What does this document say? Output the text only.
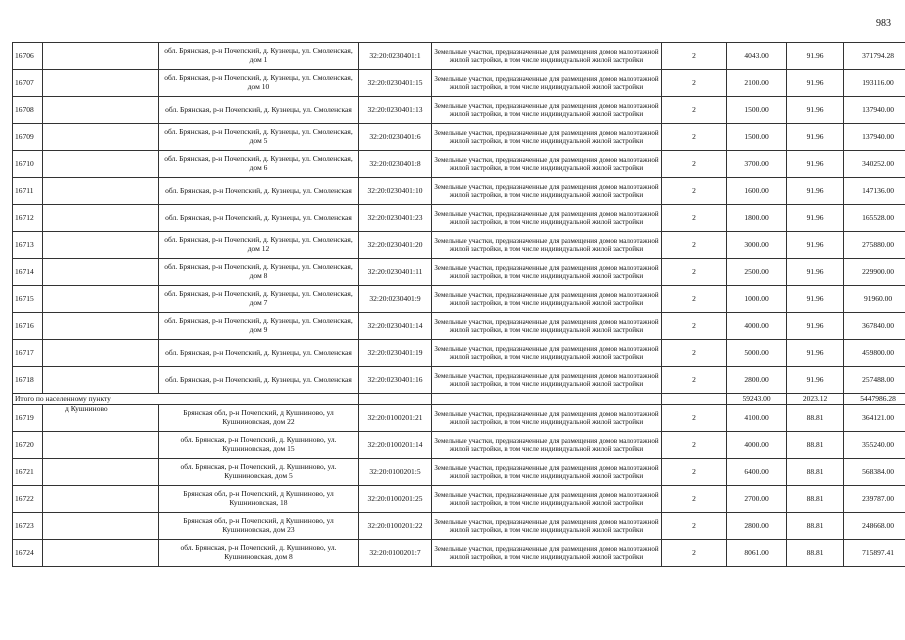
983
16706		обл. Брянская, р-н Почепский, д. Кузнецы, ул. Смоленская, дом 1	32:20:0230401:1	Земельные участки, предназначенные для размещения домов малоэтажной жилой застройки, в том числе индивидуальной жилой застройки	2	4043.00	91.96	371794.28
16707		обл. Брянская, р-н Почепский, д. Кузнецы, ул. Смоленская, дом 10	32:20:0230401:15	Земельные участки, предназначенные для размещения домов малоэтажной жилой застройки, в том числе индивидуальной жилой застройки	2	2100.00	91.96	193116.00
16708		обл. Брянская, р-н Почепский, д. Кузнецы, ул. Смоленская	32:20:0230401:13	Земельные участки, предназначенные для размещения домов малоэтажной жилой застройки, в том числе индивидуальной жилой застройки	2	1500.00	91.96	137940.00
16709		обл. Брянская, р-н Почепский, д. Кузнецы, ул. Смоленская, дом 5	32:20:0230401:6	Земельные участки, предназначенные для размещения домов малоэтажной жилой застройки, в том числе индивидуальной жилой застройки	2	1500.00	91.96	137940.00
16710		обл. Брянская, р-н Почепский, д. Кузнецы, ул. Смоленская, дом 6	32:20:0230401:8	Земельные участки, предназначенные для размещения домов малоэтажной жилой застройки, в том числе индивидуальной жилой застройки	2	3700.00	91.96	340252.00
16711		обл. Брянская, р-н Почепский, д. Кузнецы, ул. Смоленская	32:20:0230401:10	Земельные участки, предназначенные для размещения домов малоэтажной жилой застройки, в том числе индивидуальной жилой застройки	2	1600.00	91.96	147136.00
16712		обл. Брянская, р-н Почепский, д. Кузнецы, ул. Смоленская	32:20:0230401:23	Земельные участки, предназначенные для размещения домов малоэтажной жилой застройки, в том числе индивидуальной жилой застройки	2	1800.00	91.96	165528.00
16713		обл. Брянская, р-н Почепский, д. Кузнецы, ул. Смоленская, дом 12	32:20:0230401:20	Земельные участки, предназначенные для размещения домов малоэтажной жилой застройки, в том числе индивидуальной жилой застройки	2	3000.00	91.96	275880.00
16714		обл. Брянская, р-н Почепский, д. Кузнецы, ул. Смоленская, дом 8	32:20:0230401:11	Земельные участки, предназначенные для размещения домов малоэтажной жилой застройки, в том числе индивидуальной жилой застройки	2	2500.00	91.96	229900.00
16715		обл. Брянская, р-н Почепский, д. Кузнецы, ул. Смоленская, дом 7	32:20:0230401:9	Земельные участки, предназначенные для размещения домов малоэтажной жилой застройки, в том числе индивидуальной жилой застройки	2	1000.00	91.96	91960.00
16716		обл. Брянская, р-н Почепский, д. Кузнецы, ул. Смоленская, дом 9	32:20:0230401:14	Земельные участки, предназначенные для размещения домов малоэтажной жилой застройки, в том числе индивидуальной жилой застройки	2	4000.00	91.96	367840.00
16717		обл. Брянская, р-н Почепский, д. Кузнецы, ул. Смоленская	32:20:0230401:19	Земельные участки, предназначенные для размещения домов малоэтажной жилой застройки, в том числе индивидуальной жилой застройки	2	5000.00	91.96	459800.00
16718		обл. Брянская, р-н Почепский, д. Кузнецы, ул. Смоленская	32:20:0230401:16	Земельные участки, предназначенные для размещения домов малоэтажной жилой застройки, в том числе индивидуальной жилой застройки	2	2800.00	91.96	257488.00
Итого по населенному пункту						59243.00	2023.12	5447986.28
16719	д Кушниново	Брянская обл, р-н Почепский, д Кушниново, ул Кушниновская, дом 22	32:20:0100201:21	Земельные участки, предназначенные для размещения домов малоэтажной жилой застройки, в том числе индивидуальной жилой застройки	2	4100.00	88.81	364121.00
16720		обл. Брянская, р-н Почепский, д. Кушниново, ул. Кушниновская, дом 15	32:20:0100201:14	Земельные участки, предназначенные для размещения домов малоэтажной жилой застройки, в том числе индивидуальной жилой застройки	2	4000.00	88.81	355240.00
16721		обл. Брянская, р-н Почепский, д. Кушниново, ул. Кушниновская, дом 5	32:20:0100201:5	Земельные участки, предназначенные для размещения домов малоэтажной жилой застройки, в том числе индивидуальной жилой застройки	2	6400.00	88.81	568384.00
16722		Брянская обл, р-н Почепский, д Кушниново, ул Кушниновская, 18	32:20:0100201:25	Земельные участки, предназначенные для размещения домов малоэтажной жилой застройки, в том числе индивидуальной жилой застройки	2	2700.00	88.81	239787.00
16723		Брянская обл, р-н Почепский, д Кушниново, ул Кушниновская, дом 23	32:20:0100201:22	Земельные участки, предназначенные для размещения домов малоэтажной жилой застройки, в том числе индивидуальной жилой застройки	2	2800.00	88.81	248668.00
16724		обл. Брянская, р-н Почепский, д. Кушниново, ул. Кушниновская, дом 8	32:20:0100201:7	Земельные участки, предназначенные для размещения домов малоэтажной жилой застройки, в том числе индивидуальной жилой застройки	2	8061.00	88.81	715897.41
